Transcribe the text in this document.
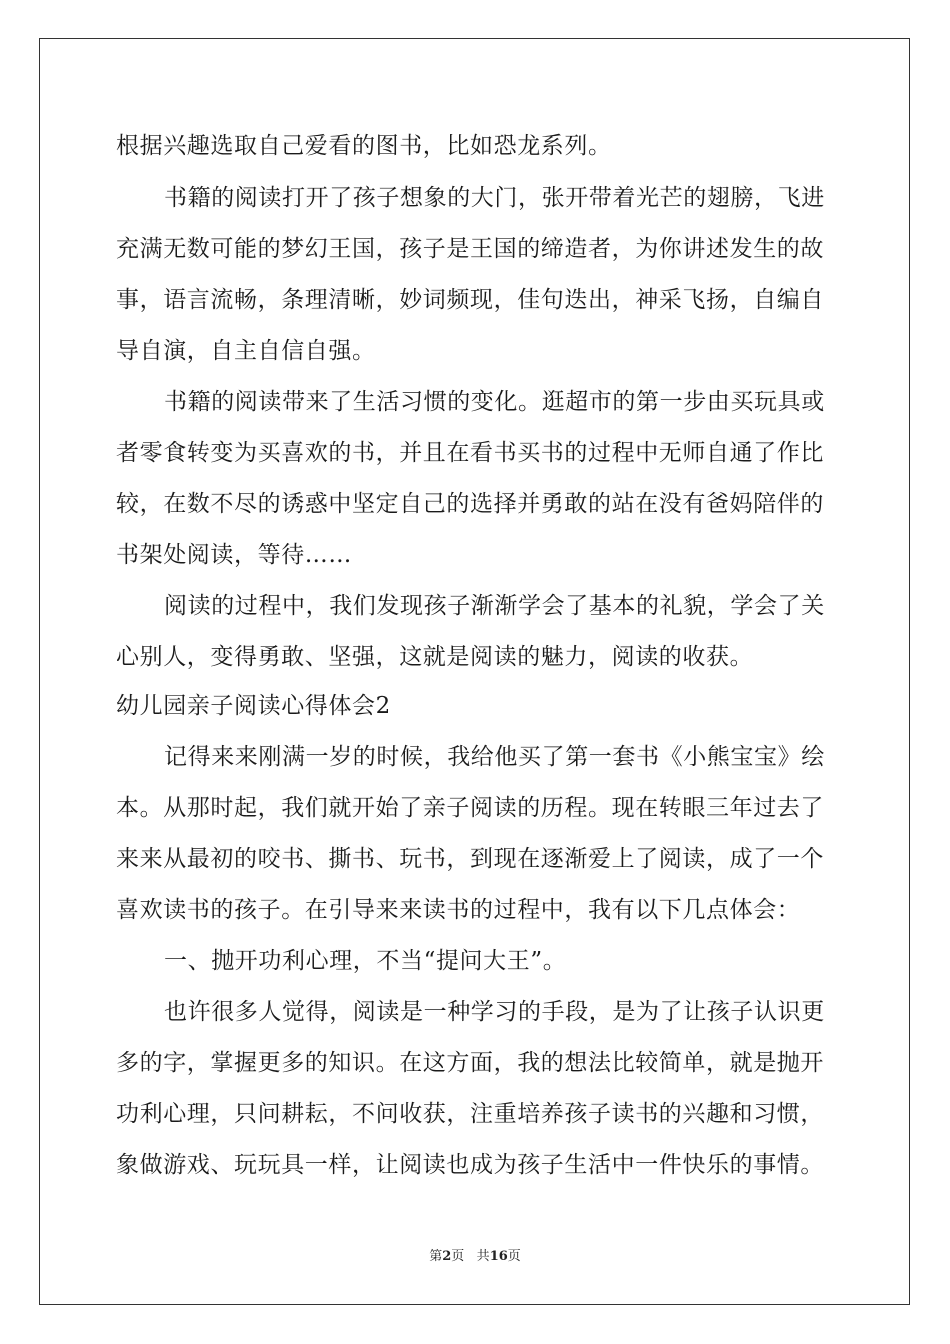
根据兴趣选取自己爱看的图书，比如恐龙系列。
书籍的阅读打开了孩子想象的大门，张开带着光芒的翅膀，飞进
充满无数可能的梦幻王国，孩子是王国的缔造者，为你讲述发生的故
事，语言流畅，条理清晰，妙词频现，佳句迭出，神采飞扬，自编自
导自演，自主自信自强。
书籍的阅读带来了生活习惯的变化。逛超市的第一步由买玩具或
者零食转变为买喜欢的书，并且在看书买书的过程中无师自通了作比
较，在数不尽的诱惑中坚定自己的选择并勇敢的站在没有爸妈陪伴的
书架处阅读，等待……
阅读的过程中，我们发现孩子渐渐学会了基本的礼貌，学会了关
心别人，变得勇敢、坚强，这就是阅读的魅力，阅读的收获。
幼儿园亲子阅读心得体会2
记得来来刚满一岁的时候，我给他买了第一套书《小熊宝宝》绘
本。从那时起，我们就开始了亲子阅读的历程。现在转眼三年过去了
来来从最初的咬书、撕书、玩书，到现在逐渐爱上了阅读，成了一个
喜欢读书的孩子。在引导来来读书的过程中，我有以下几点体会：
一、抛开功利心理，不当“提问大王”。
也许很多人觉得，阅读是一种学习的手段，是为了让孩子认识更
多的字，掌握更多的知识。在这方面，我的想法比较简单，就是抛开
功利心理，只问耕耘，不问收获，注重培养孩子读书的兴趣和习惯，
象做游戏、玩玩具一样，让阅读也成为孩子生活中一件快乐的事情。
第2页 共16页
